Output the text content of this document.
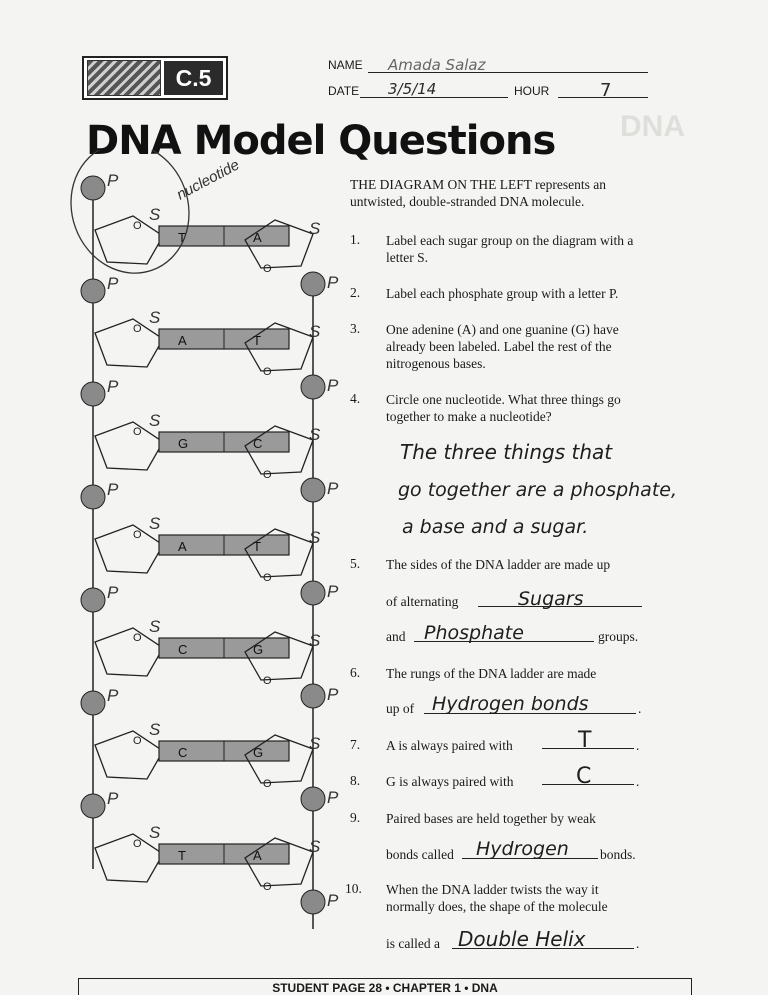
DNA
C.5	NAME	Amada Salaz
DATE	3/5/14	HOUR	7
DNA Model Questions
P
O
S
T	A
O
S
P
P
O
S
A	T
O
S
P
P
O
S
G	C
O
S
P
P
O
S
A	T
O
S
P
P
O
S
C	G
O
S
P
P
O
S
C	G
O
S
P
P
O
S
T	A
O
S
P
nucleotide	THE DIAGRAM ON THE LEFT represents an untwisted, double-stranded DNA molecule.
1. Label each sugar group on the diagram with a letter S.
2. Label each phosphate group with a letter P.
3. One adenine (A) and one guanine (G) have already been labeled. Label the rest of the nitrogenous bases.
4. Circle one nucleotide. What three things go together to make a nucleotide?
The three things that
go together are a phosphate,
a base and a sugar.
5. The sides of the DNA ladder are made up
of alternating	Sugars
and Phosphate	groups.
6. The rungs of the DNA ladder are made
up of Hydrogen bonds	.
7. A is always paired with	T	.
8. G is always paired with	C	.
9. Paired bases are held together by weak
bonds called	Hydrogen	bonds.
10. When the DNA ladder twists the way it normally does, the shape of the molecule
is called a Double Helix	.
STUDENT PAGE 28 • CHAPTER 1 • DNA
